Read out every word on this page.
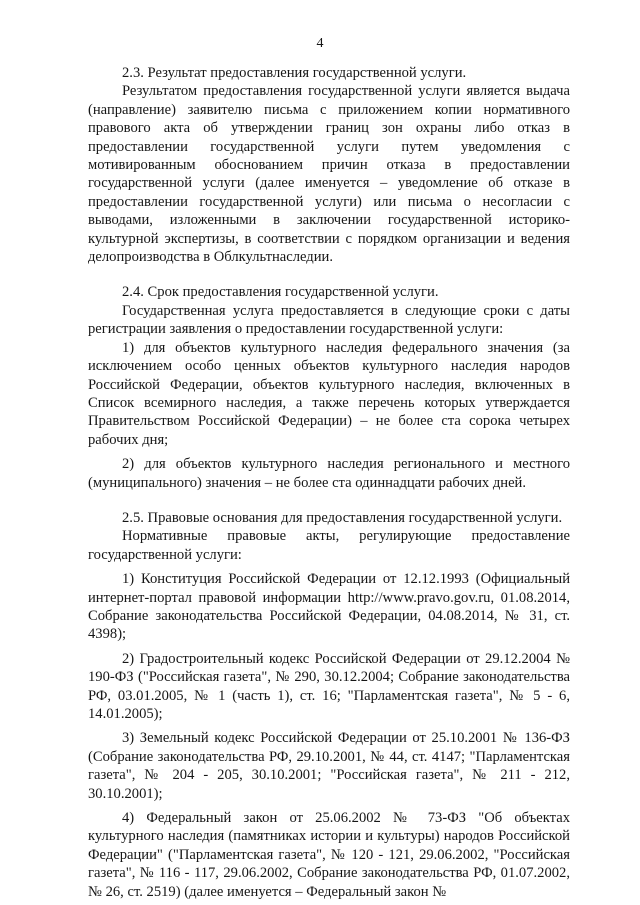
4

2.3. Результат предоставления государственной услуги.

Результатом предоставления государственной услуги является выдача (направление) заявителю письма с приложением копии нормативного правового акта об утверждении границ зон охраны либо отказ в предоставлении государственной услуги путем уведомления с мотивированным обоснованием причин отказа в предоставлении государственной услуги (далее именуется – уведомление об отказе в предоставлении государственной услуги) или письма о несогласии с выводами, изложенными в заключении государственной историко-культурной экспертизы, в соответствии с порядком организации и ведения делопроизводства в Облкультнаследии.

2.4. Срок предоставления государственной услуги.

Государственная услуга предоставляется в следующие сроки с даты регистрации заявления о предоставлении государственной услуги:

1) для объектов культурного наследия федерального значения (за исключением особо ценных объектов культурного наследия народов Российской Федерации, объектов культурного наследия, включенных в Список всемирного наследия, а также перечень которых утверждается Правительством Российской Федерации) – не более ста сорока четырех рабочих дня;

2) для объектов культурного наследия регионального и местного (муниципального) значения – не более ста одиннадцати рабочих дней.

2.5. Правовые основания для предоставления государственной услуги.

Нормативные правовые акты, регулирующие предоставление государственной услуги:

1) Конституция Российской Федерации от 12.12.1993 (Официальный интернет-портал правовой информации http://www.pravo.gov.ru, 01.08.2014, Собрание законодательства Российской Федерации, 04.08.2014, № 31, ст. 4398);

2) Градостроительный кодекс Российской Федерации от 29.12.2004 № 190-ФЗ ("Российская газета", № 290, 30.12.2004; Собрание законодательства РФ, 03.01.2005, № 1 (часть 1), ст. 16; "Парламентская газета", № 5 - 6, 14.01.2005);

3) Земельный кодекс Российской Федерации от 25.10.2001 № 136-ФЗ (Собрание законодательства РФ, 29.10.2001, № 44, ст. 4147; "Парламентская газета", № 204 - 205, 30.10.2001; "Российская газета", № 211 - 212, 30.10.2001);

4) Федеральный закон от 25.06.2002 № 73-ФЗ "Об объектах культурного наследия (памятниках истории и культуры) народов Российской Федерации" ("Парламентская газета", № 120 - 121, 29.06.2002, "Российская газета", № 116 - 117, 29.06.2002, Собрание законодательства РФ, 01.07.2002, № 26, ст. 2519) (далее именуется – Федеральный закон №
